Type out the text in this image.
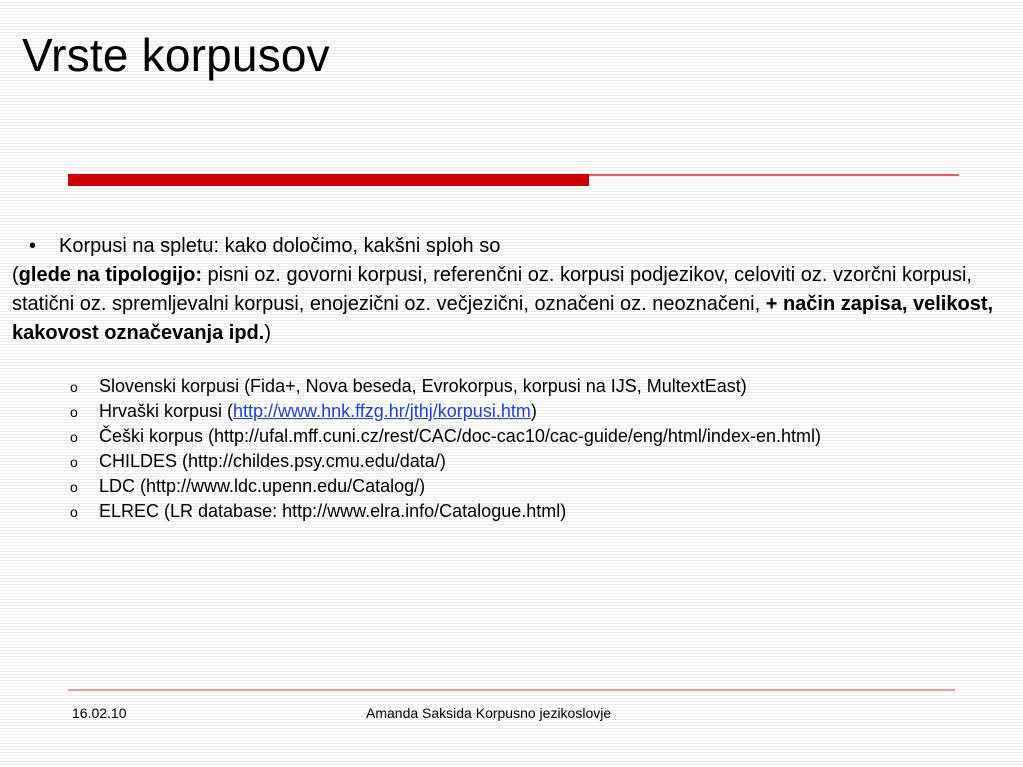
Vrste korpusov
• Korpusi na spletu: kako določimo, kakšni sploh so

(glede na tipologijo: pisni oz. govorni korpusi, referenčni oz. korpusi podjezikov, celoviti oz. vzorčni korpusi, statični oz. spremljevalni korpusi, enojezični oz. večjezični, označeni oz. neoznačeni, + način zapisa, velikost, kakovost označevanja ipd.)

o Slovenski korpusi (Fida+, Nova beseda, Evrokorpus, korpusi na IJS, MultextEast)
o Hrvaški korpusi (http://www.hnk.ffzg.hr/jthj/korpusi.htm)
o Češki korpus (http://ufal.mff.cuni.cz/rest/CAC/doc-cac10/cac-guide/eng/html/index-en.html)
o CHILDES (http://childes.psy.cmu.edu/data/)
o LDC (http://www.ldc.upenn.edu/Catalog/)
o ELREC (LR database: http://www.elra.info/Catalogue.html)
16.02.10	Amanda Saksida Korpusno jezikoslovje
